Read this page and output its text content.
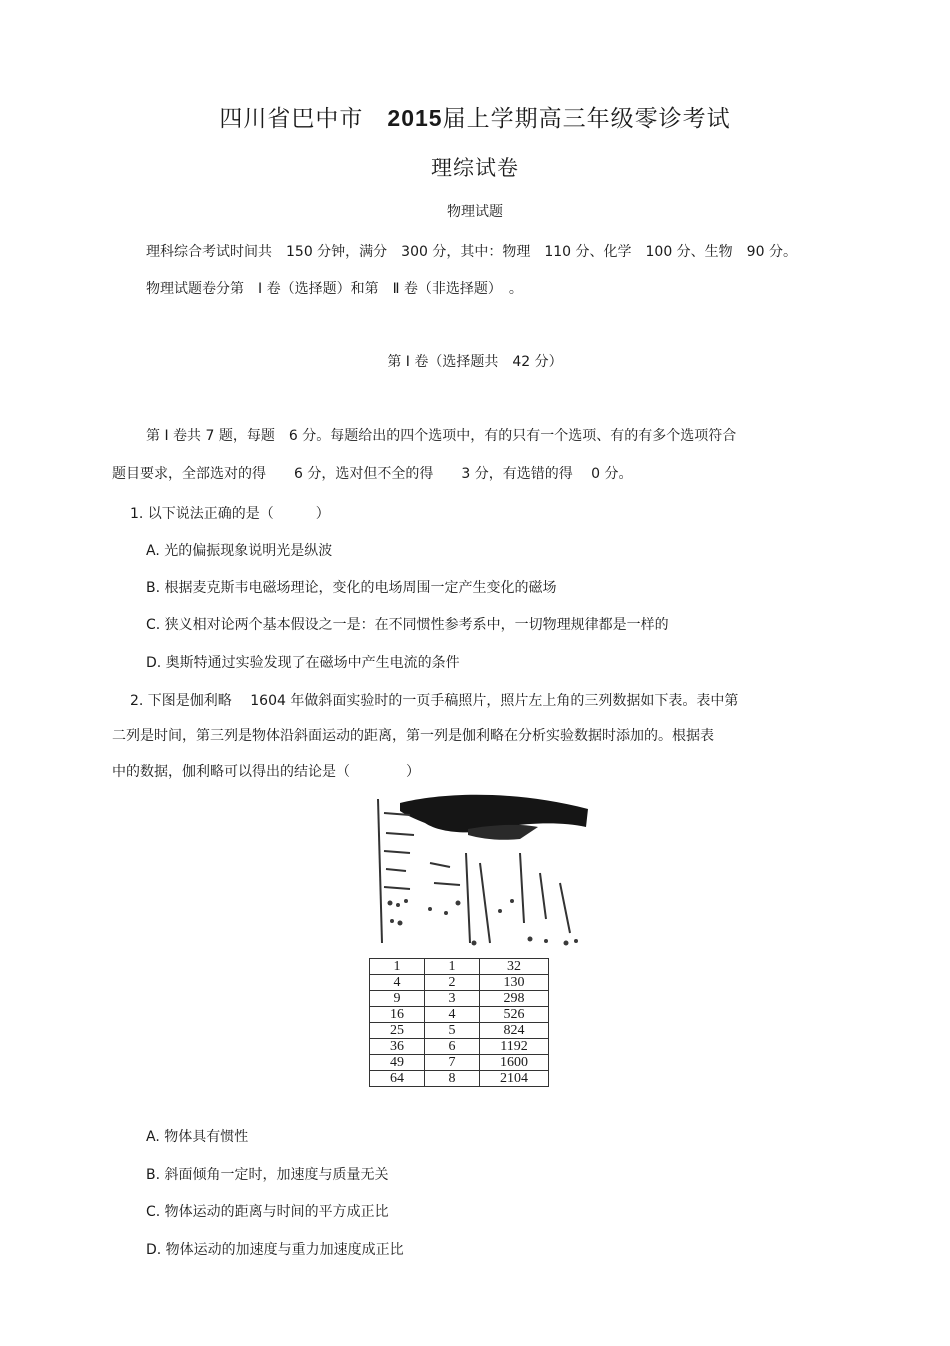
四川省巴中市　 2015届上学期高三年级零诊考试
理综试卷
物理试题
理科综合考试时间共　150 分钟，满分　300 分，其中：物理　110 分、化学　100 分、生物　90 分。
物理试题卷分第　Ⅰ 卷（选择题）和第　Ⅱ 卷（非选择题）　。
第 Ⅰ 卷（选择题共　42 分）
第 Ⅰ 卷共 7 题，每题　6 分。每题给出的四个选项中，有的只有一个选项、有的有多个选项符合
题目要求，全部选对的得　　6 分，选对但不全的得　　3 分，有选错的得　 0 分。
1. 以下说法正确的是（　　　）
A. 光的偏振现象说明光是纵波
B. 根据麦克斯韦电磁场理论，变化的电场周围一定产生变化的磁场
C. 狭义相对论两个基本假设之一是：在不同惯性参考系中，一切物理规律都是一样的
D. 奥斯特通过实验发现了在磁场中产生电流的条件
2. 下图是伽利略　 1604 年做斜面实验时的一页手稿照片，照片左上角的三列数据如下表。表中第
二列是时间，第三列是物体沿斜面运动的距离，第一列是伽利略在分析实验数据时添加的。根据表
中的数据，伽利略可以得出的结论是（　　　　）
1	1	32
4	2	130
9	3	298
16	4	526
25	5	824
36	6	1192
49	7	1600
64	8	2104
A. 物体具有惯性
B. 斜面倾角一定时，加速度与质量无关
C. 物体运动的距离与时间的平方成正比
D. 物体运动的加速度与重力加速度成正比
